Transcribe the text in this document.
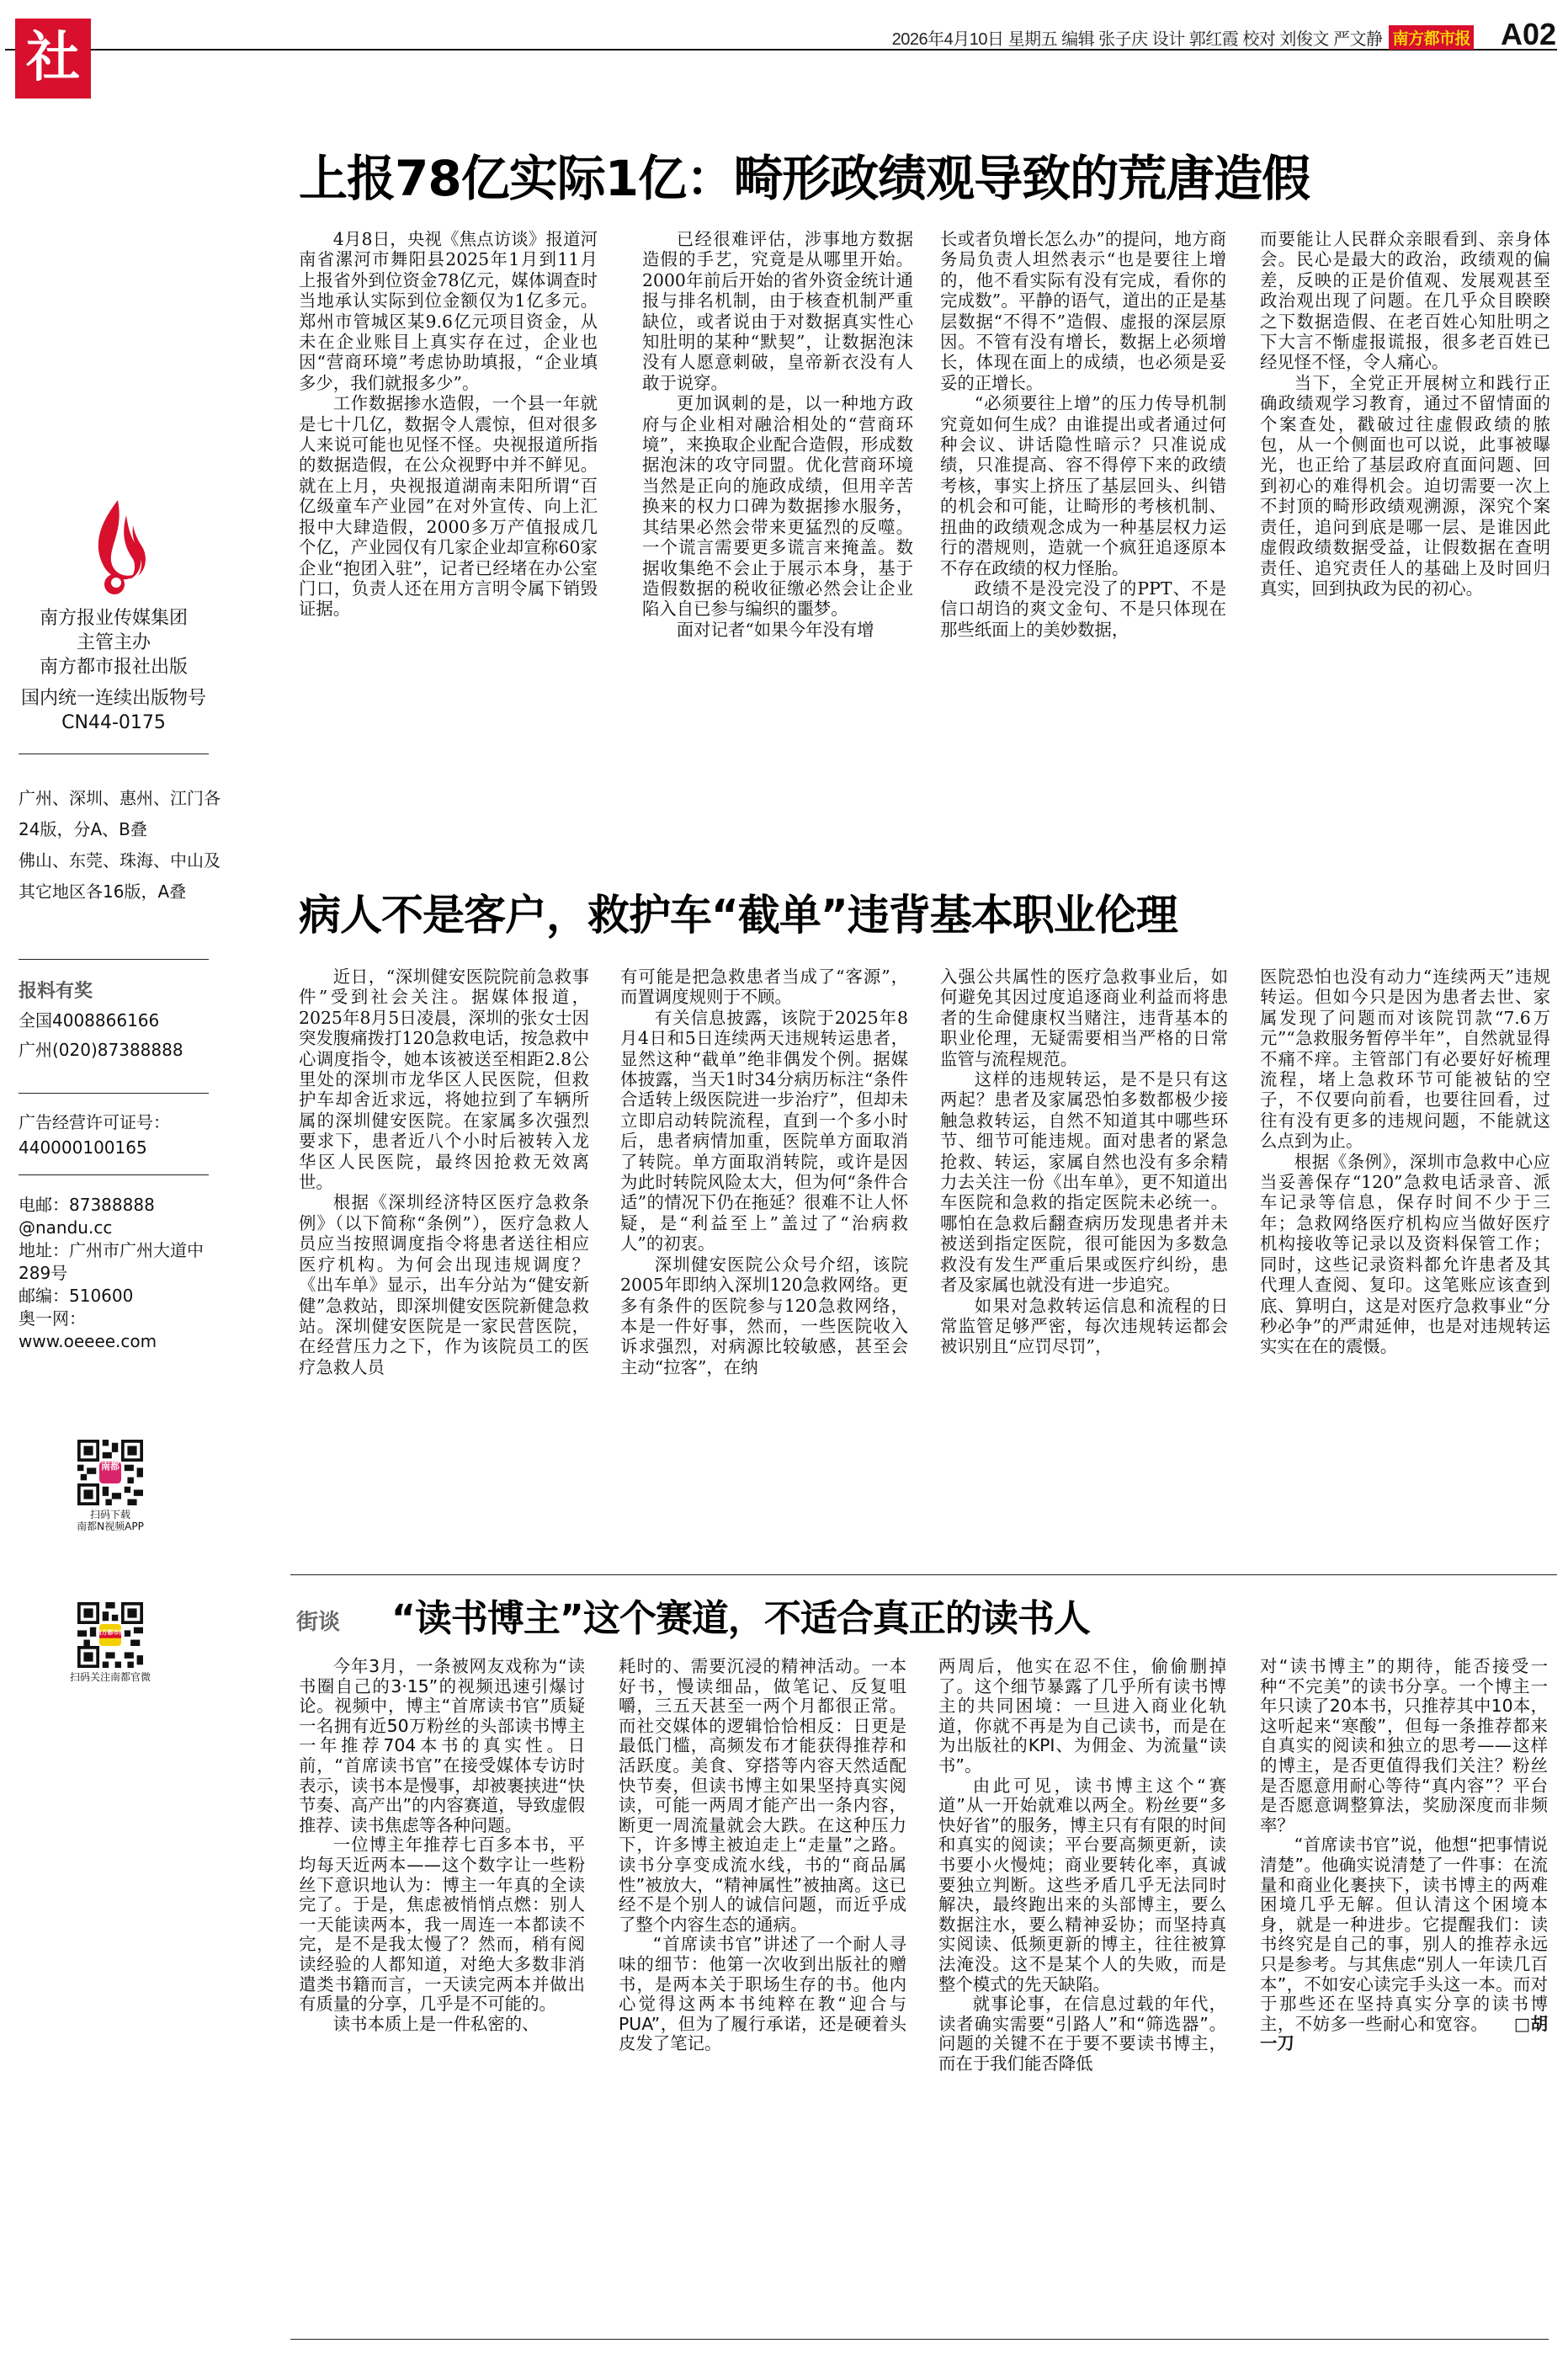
社论
2026年4月10日 星期五 编辑 张子庆 设计 郭红霞 校对 刘俊文 严文静 南方都市报 A02
南方报业传媒集团
主管主办
南方都市报社出版
国内统一连续出版物号
CN44-0175
广州、深圳、惠州、江门各
24版，分A、B叠
佛山、东莞、珠海、中山及
其它地区各16版，A叠
报料有奖
全国4008866166
广州(020)87388888
广告经营许可证号：
440000100165
电邮：87388888
@nandu.cc
地址：广州市广州大道中
289号
邮编：510600
奥一网：
www.oeeee.com
南都
扫码下载
南都N视频APP
南方都市报
扫码关注南都官微
上报78亿实际1亿：畸形政绩观导致的荒唐造假

4月8日，央视《焦点访谈》报道河南省漯河市舞阳县2025年1月到11月上报省外到位资金78亿元，媒体调查时当地承认实际到位金额仅为1亿多元。郑州市管城区某9.6亿元项目资金，从未在企业账目上真实存在过，企业也因“营商环境”考虑协助填报，“企业填多少，我们就报多少”。

工作数据掺水造假，一个县一年就是七十几亿，数据令人震惊，但对很多人来说可能也见怪不怪。央视报道所指的数据造假，在公众视野中并不鲜见。就在上月，央视报道湖南耒阳所谓“百亿级童车产业园”在对外宣传、向上汇报中大肆造假，2000多万产值报成几个亿，产业园仅有几家企业却宣称60家企业“抱团入驻”，记者已经堵在办公室门口，负责人还在用方言明令属下销毁证据。

已经很难评估，涉事地方数据造假的手艺，究竟是从哪里开始。2000年前后开始的省外资金统计通报与排名机制，由于核查机制严重缺位，或者说由于对数据真实性心知肚明的某种“默契”，让数据泡沫没有人愿意刺破，皇帝新衣没有人敢于说穿。

更加讽刺的是，以一种地方政府与企业相对融洽相处的“营商环境”，来换取企业配合造假，形成数据泡沫的攻守同盟。优化营商环境当然是正向的施政成绩，但用辛苦换来的权力口碑为数据掺水服务，其结果必然会带来更猛烈的反噬。一个谎言需要更多谎言来掩盖。数据收集绝不会止于展示本身，基于造假数据的税收征缴必然会让企业陷入自已参与编织的噩梦。

面对记者“如果今年没有增

长或者负增长怎么办”的提问，地方商务局负责人坦然表示“也是要往上增的，他不看实际有没有完成，看你的完成数”。平静的语气，道出的正是基层数据“不得不”造假、虚报的深层原因。不管有没有增长，数据上必须增长，体现在面上的成绩，也必须是妥妥的正增长。

“必须要往上增”的压力传导机制究竟如何生成？由谁提出或者通过何种会议、讲话隐性暗示？只准说成绩，只准提高、容不得停下来的政绩考核，事实上挤压了基层回头、纠错的机会和可能，让畸形的考核机制、扭曲的政绩观念成为一种基层权力运行的潜规则，造就一个疯狂追逐原本不存在政绩的权力怪胎。

政绩不是没完没了的PPT、不是信口胡诌的爽文金句、不是只体现在那些纸面上的美妙数据，

而要能让人民群众亲眼看到、亲身体会。民心是最大的政治，政绩观的偏差，反映的正是价值观、发展观甚至政治观出现了问题。在几乎众目睽睽之下数据造假、在老百姓心知肚明之下大言不惭虚报谎报，很多老百姓已经见怪不怪，令人痛心。

当下，全党正开展树立和践行正确政绩观学习教育，通过不留情面的个案查处，戳破过往虚假政绩的脓包，从一个侧面也可以说，此事被曝光，也正给了基层政府直面问题、回到初心的难得机会。迫切需要一次上不封顶的畸形政绩观溯源，深究个案责任，追问到底是哪一层、是谁因此虚假政绩数据受益，让假数据在查明责任、追究责任人的基础上及时回归真实，回到执政为民的初心。

病人不是客户，救护车“截单”违背基本职业伦理

近日，“深圳健安医院院前急救事件”受到社会关注。据媒体报道，2025年8月5日凌晨，深圳的张女士因突发腹痛拨打120急救电话，按急救中心调度指令，她本该被送至相距2.8公里处的深圳市龙华区人民医院，但救护车却舍近求远，将她拉到了车辆所属的深圳健安医院。在家属多次强烈要求下，患者近八个小时后被转入龙华区人民医院，最终因抢救无效离世。

根据《深圳经济特区医疗急救条例》（以下简称“条例”），医疗急救人员应当按照调度指令将患者送往相应医疗机构。为何会出现违规调度？《出车单》显示，出车分站为“健安新健”急救站，即深圳健安医院新健急救站。深圳健安医院是一家民营医院，在经营压力之下，作为该院员工的医疗急救人员

有可能是把急救患者当成了“客源”，而置调度规则于不顾。

有关信息披露，该院于2025年8月4日和5日连续两天违规转运患者，显然这种“截单”绝非偶发个例。据媒体披露，当天1时34分病历标注“条件合适转上级医院进一步治疗”，但却未立即启动转院流程，直到一个多小时后，患者病情加重，医院单方面取消了转院。单方面取消转院，或许是因为此时转院风险太大，但为何“条件合适”的情况下仍在拖延？很难不让人怀疑，是“利益至上”盖过了“治病救人”的初衷。

深圳健安医院公众号介绍，该院2005年即纳入深圳120急救网络。更多有条件的医院参与120急救网络，本是一件好事，然而，一些医院收入诉求强烈，对病源比较敏感，甚至会主动“拉客”，在纳

入强公共属性的医疗急救事业后，如何避免其因过度追逐商业利益而将患者的生命健康权当赌注，违背基本的职业伦理，无疑需要相当严格的日常监管与流程规范。

这样的违规转运，是不是只有这两起？患者及家属恐怕多数都极少接触急救转运，自然不知道其中哪些环节、细节可能违规。面对患者的紧急抢救、转运，家属自然也没有多余精力去关注一份《出车单》，更不知道出车医院和急救的指定医院未必统一。哪怕在急救后翻查病历发现患者并未被送到指定医院，很可能因为多数急救没有发生严重后果或医疗纠纷，患者及家属也就没有进一步追究。

如果对急救转运信息和流程的日常监管足够严密，每次违规转运都会被识别且“应罚尽罚”，

医院恐怕也没有动力“连续两天”违规转运。但如今只是因为患者去世、家属发现了问题而对该院罚款“7.6万元”“急救服务暂停半年”，自然就显得不痛不痒。主管部门有必要好好梳理流程，堵上急救环节可能被钻的空子，不仅要向前看，也要往回看，过往有没有更多的违规问题，不能就这么点到为止。

根据《条例》，深圳市急救中心应当妥善保存“120”急救电话录音、派车记录等信息，保存时间不少于三年；急救网络医疗机构应当做好医疗机构接收等记录以及资料保管工作；同时，这些记录资料都允许患者及其代理人查阅、复印。这笔账应该查到底、算明白，这是对医疗急救事业“分秒必争”的严肃延伸，也是对违规转运实实在在的震慑。

街谈 “读书博主”这个赛道，不适合真正的读书人

今年3月，一条被网友戏称为“读书圈自己的3·15”的视频迅速引爆讨论。视频中，博主“首席读书官”质疑一名拥有近50万粉丝的头部读书博主一年推荐704本书的真实性。日前，“首席读书官”在接受媒体专访时表示，读书本是慢事，却被裹挟进“快节奏、高产出”的内容赛道，导致虚假推荐、读书焦虑等各种问题。

一位博主年推荐七百多本书，平均每天近两本——这个数字让一些粉丝下意识地认为：博主一年真的全读完了。于是，焦虑被悄悄点燃：别人一天能读两本，我一周连一本都读不完，是不是我太慢了？然而，稍有阅读经验的人都知道，对绝大多数非消遣类书籍而言，一天读完两本并做出有质量的分享，几乎是不可能的。

读书本质上是一件私密的、

耗时的、需要沉浸的精神活动。一本好书，慢读细品，做笔记、反复咀嚼，三五天甚至一两个月都很正常。而社交媒体的逻辑恰恰相反：日更是最低门槛，高频发布才能获得推荐和活跃度。美食、穿搭等内容天然适配快节奏，但读书博主如果坚持真实阅读，可能一两周才能产出一条内容，断更一周流量就会大跌。在这种压力下，许多博主被迫走上“走量”之路。读书分享变成流水线，书的“商品属性”被放大，“精神属性”被抽离。这已经不是个别人的诚信问题，而近乎成了整个内容生态的通病。

“首席读书官”讲述了一个耐人寻味的细节：他第一次收到出版社的赠书，是两本关于职场生存的书。他内心觉得这两本书纯粹在教“迎合与PUA”，但为了履行承诺，还是硬着头皮发了笔记。

两周后，他实在忍不住，偷偷删掉了。这个细节暴露了几乎所有读书博主的共同困境：一旦进入商业化轨道，你就不再是为自己读书，而是在为出版社的KPI、为佣金、为流量“读书”。

由此可见，读书博主这个“赛道”从一开始就难以两全。粉丝要“多快好省”的服务，博主只有有限的时间和真实的阅读；平台要高频更新，读书要小火慢炖；商业要转化率，真诚要独立判断。这些矛盾几乎无法同时解决，最终跑出来的头部博主，要么数据注水，要么精神妥协；而坚持真实阅读、低频更新的博主，往往被算法淹没。这不是某个人的失败，而是整个模式的先天缺陷。

就事论事，在信息过载的年代，读者确实需要“引路人”和“筛选器”。问题的关键不在于要不要读书博主，而在于我们能否降低

对“读书博主”的期待，能否接受一种“不完美”的读书分享。一个博主一年只读了20本书，只推荐其中10本，这听起来“寒酸”，但每一条推荐都来自真实的阅读和独立的思考——这样的博主，是否更值得我们关注？粉丝是否愿意用耐心等待“真内容”？平台是否愿意调整算法，奖励深度而非频率？

“首席读书官”说，他想“把事情说清楚”。他确实说清楚了一件事：在流量和商业化裹挟下，读书博主的两难困境几乎无解。但认清这个困境本身，就是一种进步。它提醒我们：读书终究是自己的事，别人的推荐永远只是参考。与其焦虑“别人一年读几百本”，不如安心读完手头这一本。而对于那些还在坚持真实分享的读书博主，不妨多一些耐心和宽容。 □胡一刀
